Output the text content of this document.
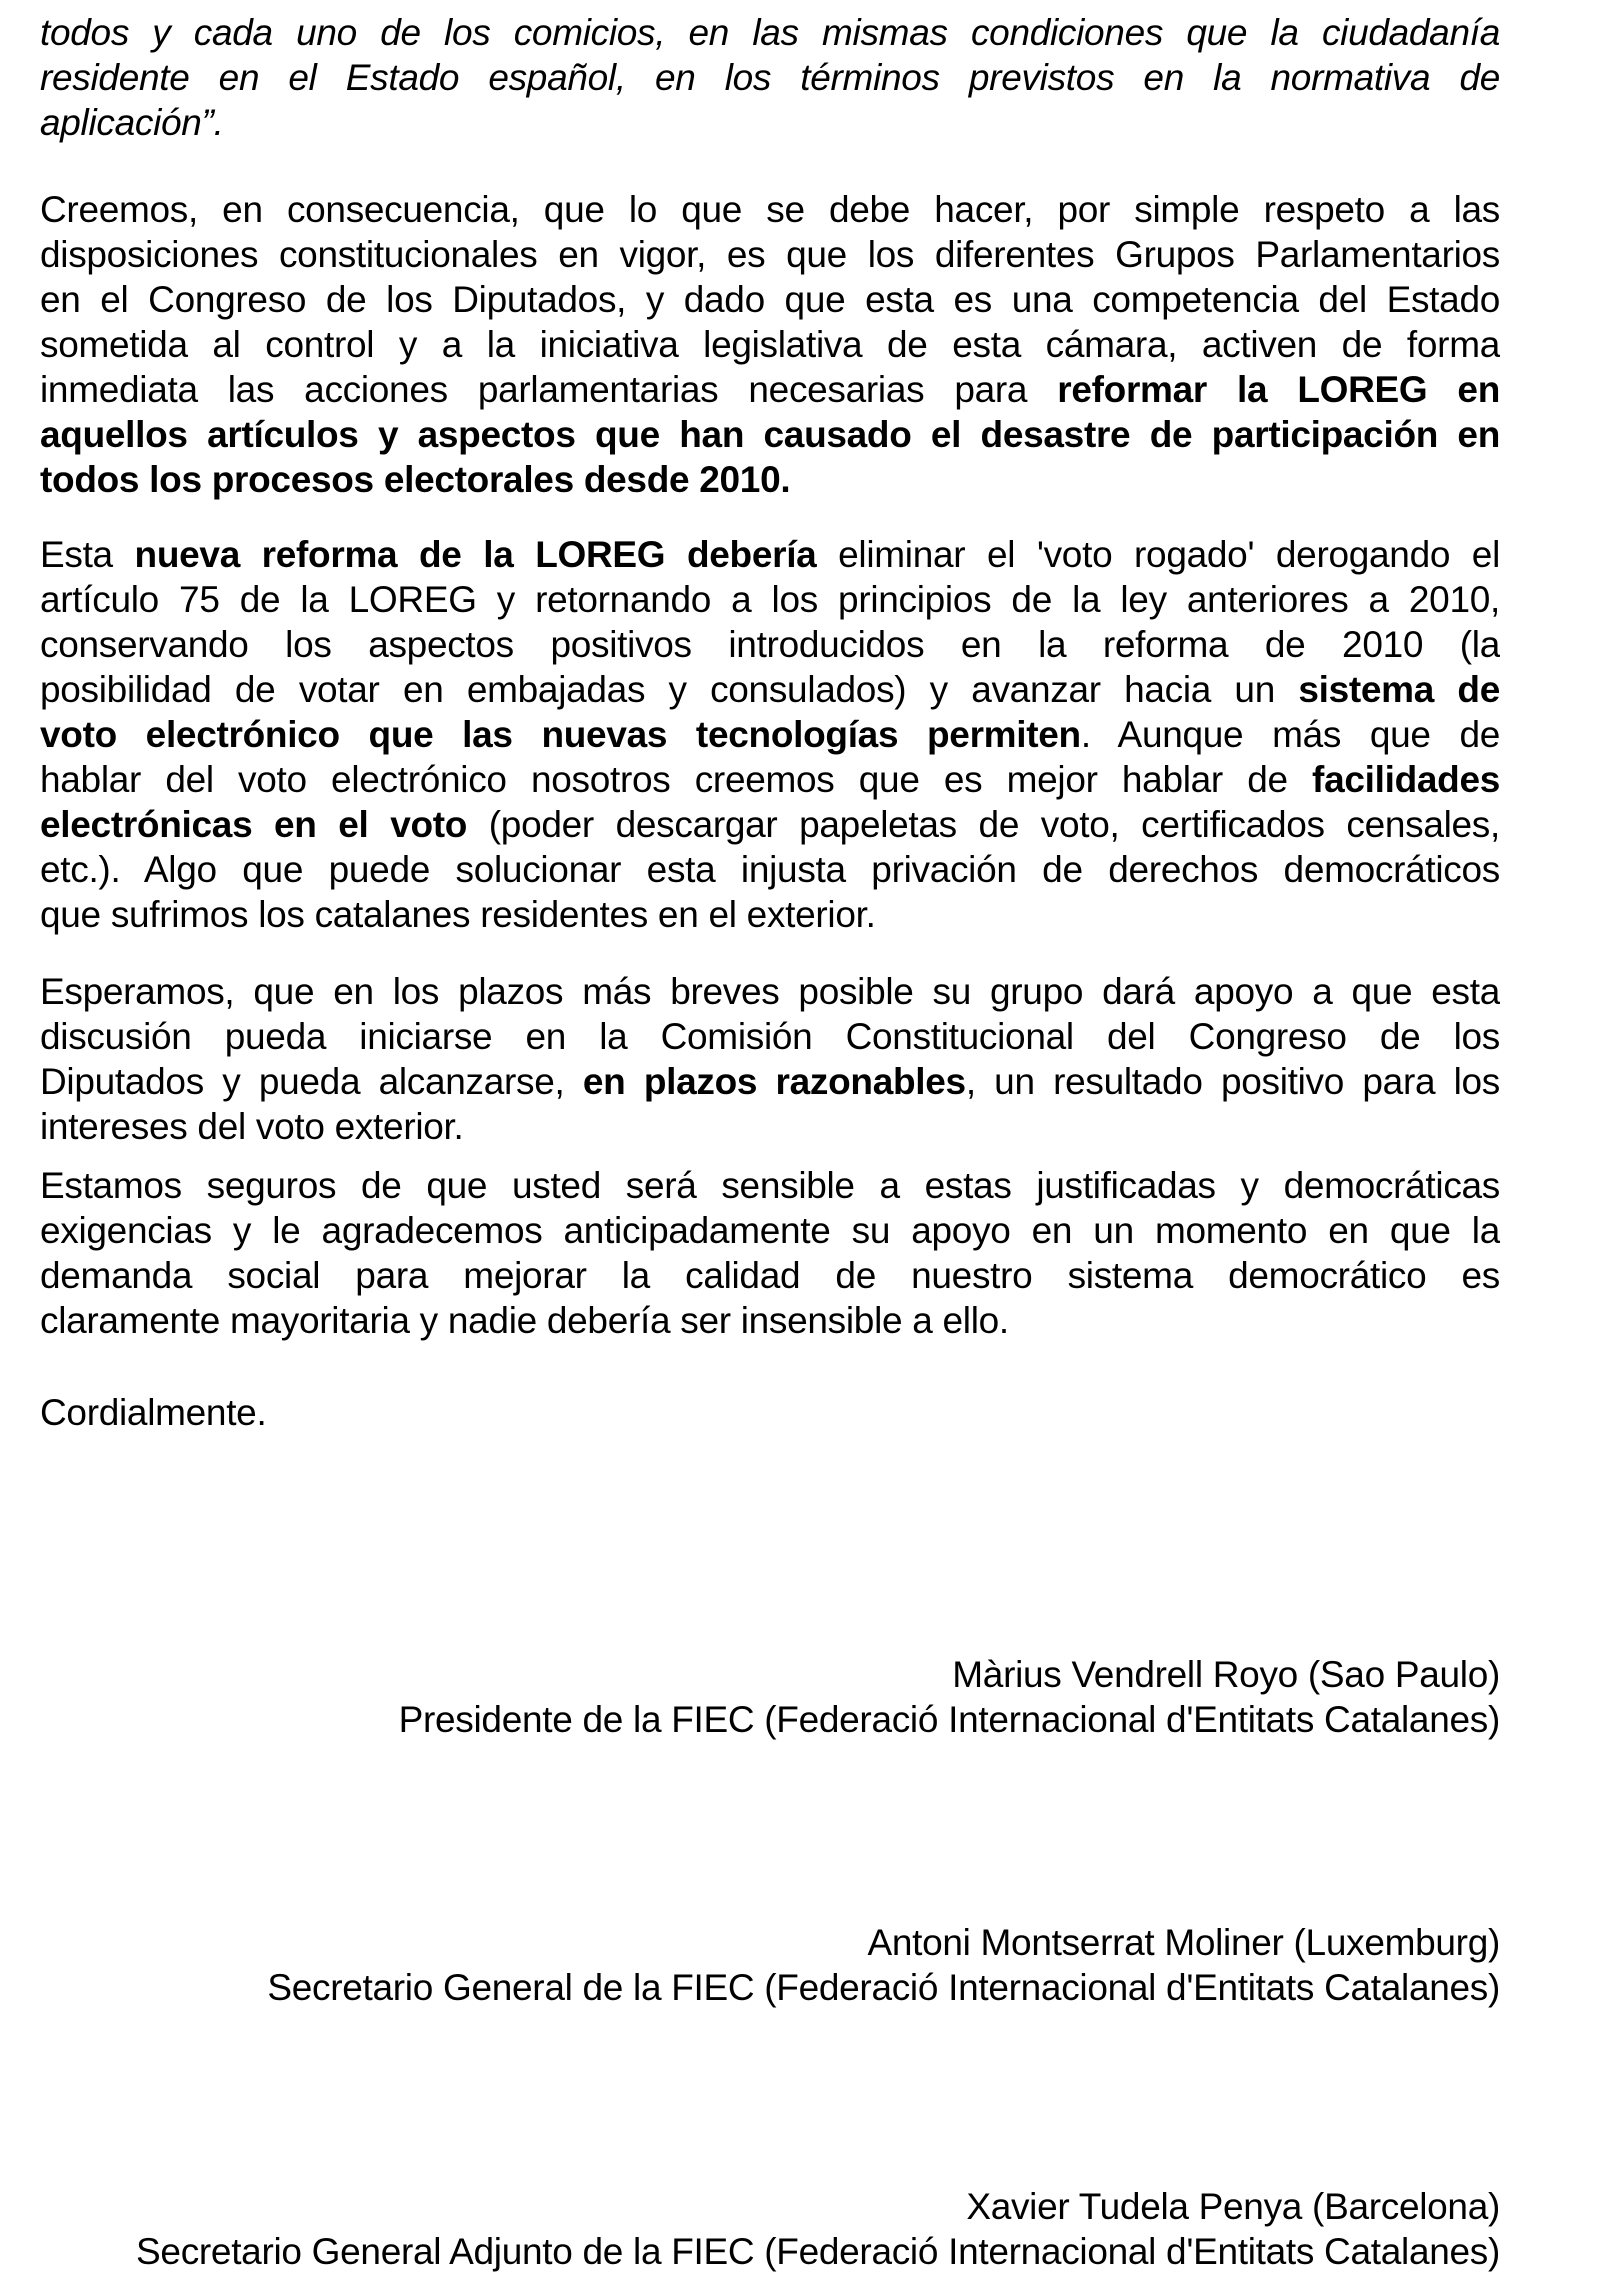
todos y cada uno de los comicios, en las mismas condiciones que la ciudadanía
residente en el Estado español, en los términos previstos en la normativa de
aplicación”.
Creemos, en consecuencia, que lo que se debe hacer, por simple respeto a las
disposiciones constitucionales en vigor, es que los diferentes Grupos Parlamentarios
en el Congreso de los Diputados, y dado que esta es una competencia del Estado
sometida al control y a la iniciativa legislativa de esta cámara, activen de forma
inmediata las acciones parlamentarias necesarias para reformar la LOREG en
aquellos artículos y aspectos que han causado el desastre de participación en
todos los procesos electorales desde 2010.
Esta nueva reforma de la LOREG debería eliminar el 'voto rogado' derogando el
artículo 75 de la LOREG y retornando a los principios de la ley anteriores a 2010,
conservando los aspectos positivos introducidos en la reforma de 2010 (la
posibilidad de votar en embajadas y consulados) y avanzar hacia un sistema de
voto electrónico que las nuevas tecnologías permiten. Aunque más que de
hablar del voto electrónico nosotros creemos que es mejor hablar de facilidades
electrónicas en el voto (poder descargar papeletas de voto, certificados censales,
etc.). Algo que puede solucionar esta injusta privación de derechos democráticos
que sufrimos los catalanes residentes en el exterior.
Esperamos, que en los plazos más breves posible su grupo dará apoyo a que esta
discusión pueda iniciarse en la Comisión Constitucional del Congreso de los
Diputados y pueda alcanzarse, en plazos razonables, un resultado positivo para los
intereses del voto exterior.
Estamos seguros de que usted será sensible a estas justificadas y democráticas
exigencias y le agradecemos anticipadamente su apoyo en un momento en que la
demanda social para mejorar la calidad de nuestro sistema democrático es
claramente mayoritaria y nadie debería ser insensible a ello.
Cordialmente.
Màrius Vendrell Royo (Sao Paulo)
Presidente de la FIEC (Federació Internacional d'Entitats Catalanes)
Antoni Montserrat Moliner (Luxemburg)
Secretario General de la FIEC (Federació Internacional d'Entitats Catalanes)
Xavier Tudela Penya (Barcelona)
Secretario General Adjunto de la FIEC (Federació Internacional d'Entitats Catalanes)
